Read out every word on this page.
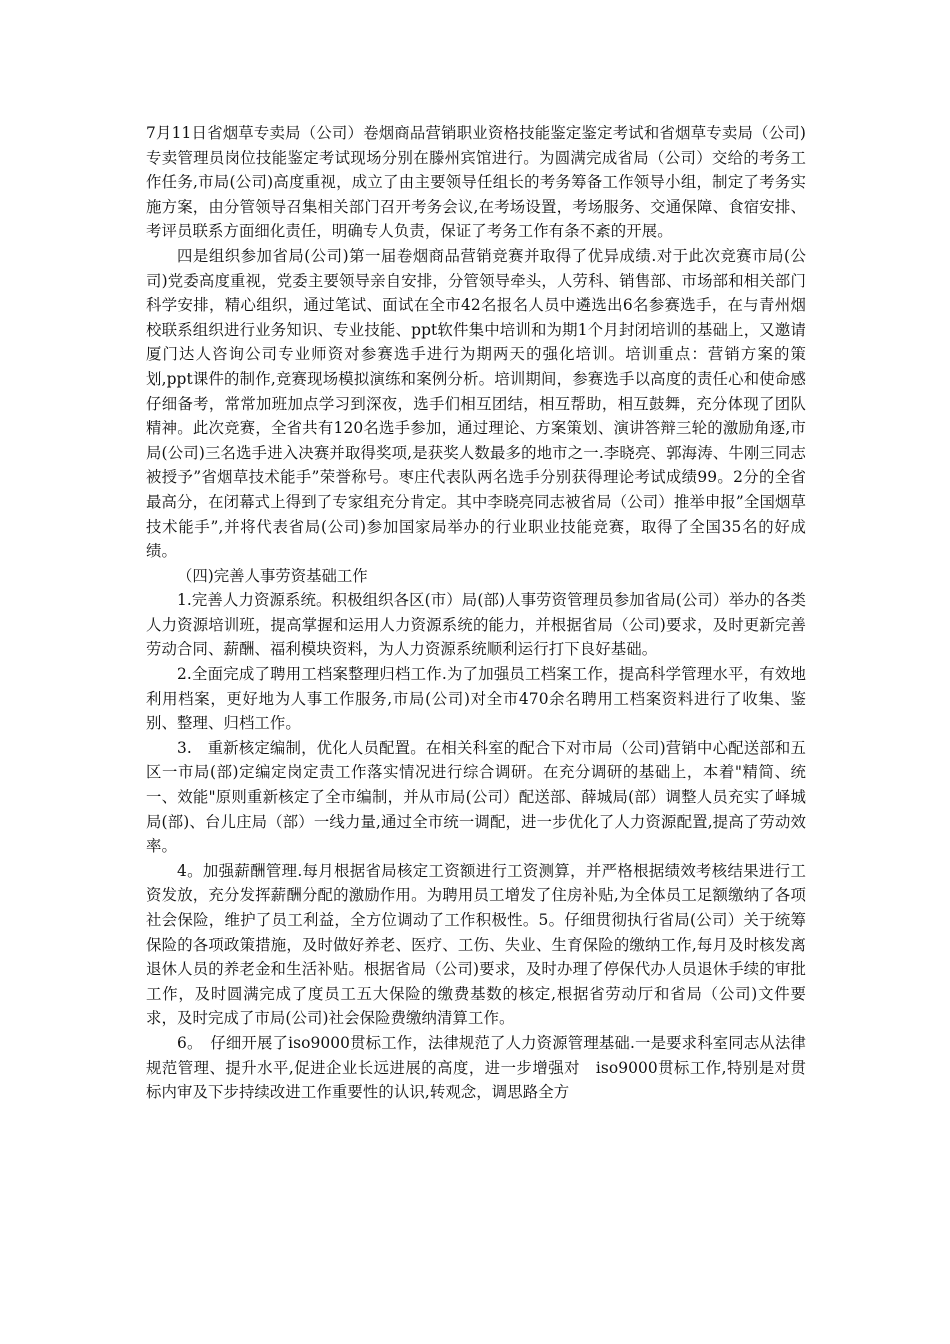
7月11日省烟草专卖局（公司）卷烟商品营销职业资格技能鉴定鉴定考试和省烟草专卖局（公司)专卖管理员岗位技能鉴定考试现场分别在滕州宾馆进行。为圆满完成省局（公司）交给的考务工作任务,市局(公司)高度重视，成立了由主要领导任组长的考务筹备工作领导小组，制定了考务实施方案，由分管领导召集相关部门召开考务会议,在考场设置，考场服务、交通保障、食宿安排、考评员联系方面细化责任，明确专人负责，保证了考务工作有条不紊的开展。

四是组织参加省局(公司)第一届卷烟商品营销竞赛并取得了优异成绩.对于此次竞赛市局(公司)党委高度重视，党委主要领导亲自安排，分管领导牵头，人劳科、销售部、市场部和相关部门科学安排，精心组织，通过笔试、面试在全市42名报名人员中遴选出6名参赛选手，在与青州烟校联系组织进行业务知识、专业技能、ppt软件集中培训和为期1个月封闭培训的基础上，又邀请厦门达人咨询公司专业师资对参赛选手进行为期两天的强化培训。培训重点：营销方案的策划,ppt课件的制作,竞赛现场模拟演练和案例分析。培训期间，参赛选手以高度的责任心和使命感仔细备考，常常加班加点学习到深夜，选手们相互团结，相互帮助，相互鼓舞，充分体现了团队精神。此次竞赛，全省共有120名选手参加，通过理论、方案策划、演讲答辩三轮的激励角逐,市局(公司)三名选手进入决赛并取得奖项,是获奖人数最多的地市之一.李晓亮、郭海涛、牛刚三同志被授予”省烟草技术能手”荣誉称号。枣庄代表队两名选手分别获得理论考试成绩99。2分的全省最高分，在闭幕式上得到了专家组充分肯定。其中李晓亮同志被省局（公司）推举申报”全国烟草技术能手”,并将代表省局(公司)参加国家局举办的行业职业技能竞赛，取得了全国35名的好成绩。

（四)完善人事劳资基础工作

1.完善人力资源系统。积极组织各区(市）局(部)人事劳资管理员参加省局(公司）举办的各类人力资源培训班，提高掌握和运用人力资源系统的能力，并根据省局（公司)要求，及时更新完善劳动合同、薪酬、福利模块资料，为人力资源系统顺利运行打下良好基础。

2.全面完成了聘用工档案整理归档工作.为了加强员工档案工作，提高科学管理水平，有效地利用档案，更好地为人事工作服务,市局(公司)对全市470余名聘用工档案资料进行了收集、鉴别、整理、归档工作。

3.　重新核定编制，优化人员配置。在相关科室的配合下对市局（公司)营销中心配送部和五区一市局(部)定编定岗定责工作落实情况进行综合调研。在充分调研的基础上，本着"精简、统一、效能"原则重新核定了全市编制，并从市局(公司）配送部、薛城局(部）调整人员充实了峄城局(部)、台儿庄局（部）一线力量,通过全市统一调配，进一步优化了人力资源配置,提高了劳动效率。

4。加强薪酬管理.每月根据省局核定工资额进行工资测算，并严格根据绩效考核结果进行工资发放，充分发挥薪酬分配的激励作用。为聘用员工增发了住房补贴,为全体员工足额缴纳了各项社会保险，维护了员工利益，全方位调动了工作积极性。5。仔细贯彻执行省局(公司）关于统筹保险的各项政策措施，及时做好养老、医疗、工伤、失业、生育保险的缴纳工作,每月及时核发离退休人员的养老金和生活补贴。根据省局（公司)要求，及时办理了停保代办人员退休手续的审批工作，及时圆满完成了度员工五大保险的缴费基数的核定,根据省劳动厅和省局（公司)文件要求，及时完成了市局(公司)社会保险费缴纳清算工作。

6。　仔细开展了iso9000贯标工作，法律规范了人力资源管理基础.一是要求科室同志从法律规范管理、提升水平,促进企业长远进展的高度，进一步增强对　iso9000贯标工作,特别是对贯标内审及下步持续改进工作重要性的认识,转观念，调思路全方
